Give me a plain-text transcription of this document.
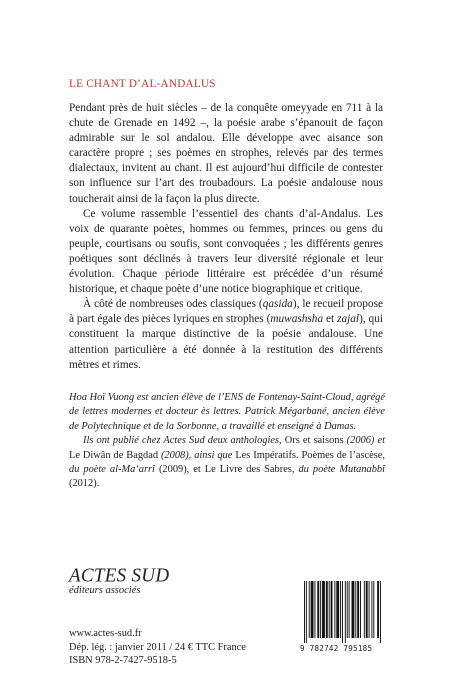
LE CHANT D’AL-ANDALUS

Pendant près de huit siècles – de la conquête omeyyade en 711 à la chute de Grenade en 1492 –, la poésie arabe s’épanouit de façon admirable sur le sol andalou. Elle développe avec aisance son caractère propre ; ses poèmes en strophes, relevés par des termes dialectaux, invitent au chant. Il est aujourd’hui difficile de contester son influence sur l’art des troubadours. La poésie andalouse nous toucherait ainsi de la façon la plus directe.

Ce volume rassemble l’essentiel des chants d’al-Andalus. Les voix de quarante poètes, hommes ou femmes, princes ou gens du peuple, courtisans ou soufis, sont convoquées ; les différents genres poétiques sont déclinés à travers leur diversité régionale et leur évolution. Chaque période littéraire est précédée d’un résumé historique, et chaque poète d’une notice biographique et critique.

À côté de nombreuses odes classiques (qasida), le recueil propose à part égale des pièces lyriques en strophes (muwashsha et zajal), qui constituent la marque distinctive de la poésie andalouse. Une attention particulière a été donnée à la restitution des différents mètres et rimes.

Hoa Hoï Vuong est ancien élève de l’ENS de Fontenay-Saint-Cloud, agrégé de lettres modernes et docteur ès lettres. Patrick Mégarbané, ancien élève de Polytechnique et de la Sorbonne, a travaillé et enseigné à Damas.

Ils ont publié chez Actes Sud deux anthologies, Ors et saisons (2006) et Le Diwân de Bagdad (2008), ainsi que Les Impératifs. Poèmes de l’ascèse, du poète al-Ma‘arrî (2009), et Le Livre des Sabres, du poète Mutanabbî (2012).

ACTES SUD
éditeurs associés
www.actes-sud.fr
Dép. lég. : janvier 2011 / 24 € TTC France
ISBN 978-2-7427-9518-5
9 782742 795185
